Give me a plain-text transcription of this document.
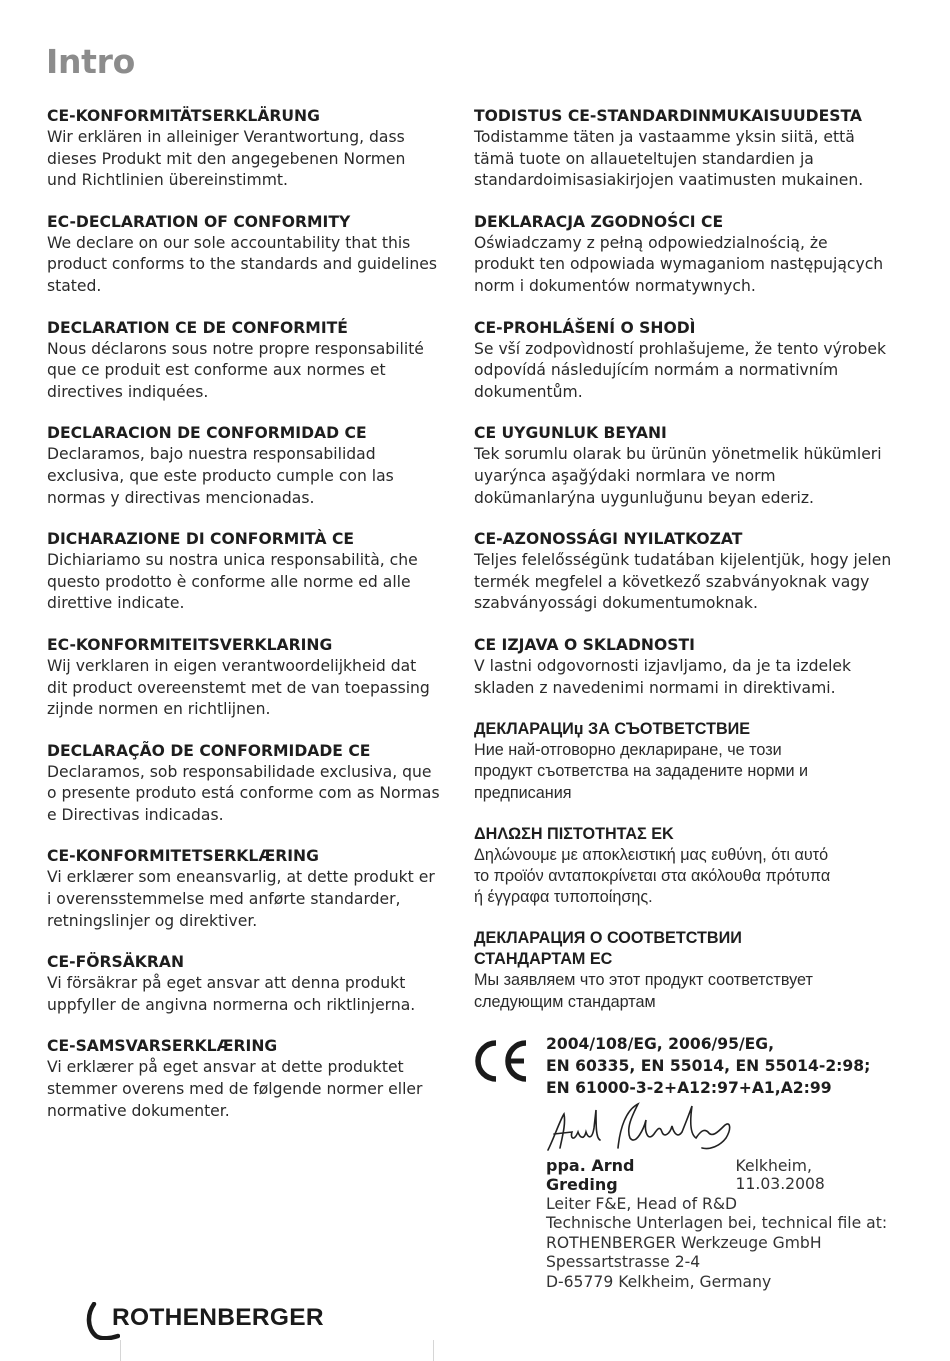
Intro
CE-KONFORMITÄTSERKLÄRUNG
Wir erklären in alleiniger Verantwortung, dass
dieses Produkt mit den angegebenen Normen
und Richtlinien übereinstimmt.
EC-DECLARATION OF CONFORMITY
We declare on our sole accountability that this
product conforms to the standards and guidelines
stated.
DECLARATION CE DE CONFORMITÉ
Nous déclarons sous notre propre responsabilité
que ce produit est conforme aux normes et
directives indiquées.
DECLARACION DE CONFORMIDAD CE
Declaramos, bajo nuestra responsabilidad
exclusiva, que este producto cumple con las
normas y directivas mencionadas.
DICHARAZIONE DI CONFORMITÀ CE
Dichiariamo su nostra unica responsabilità, che
questo prodotto è conforme alle norme ed alle
direttive indicate.
EC-KONFORMITEITSVERKLARING
Wij verklaren in eigen verantwoordelijkheid dat
dit product overeenstemt met de van toepassing
zijnde normen en richtlijnen.
DECLARAÇÃO DE CONFORMIDADE CE
Declaramos, sob responsabilidade exclusiva, que
o presente produto está conforme com as Normas
e Directivas indicadas.
CE-KONFORMITETSERKLÆRING
Vi erklærer som eneansvarlig, at dette produkt er
i overensstemmelse med anførte standarder,
retningslinjer og direktiver.
CE-FÖRSÄKRAN
Vi försäkrar på eget ansvar att denna produkt
uppfyller de angivna normerna och riktlinjerna.
CE-SAMSVARSERKLÆRING
Vi erklærer på eget ansvar at dette produktet
stemmer overens med de følgende normer eller
normative dokumenter.
TODISTUS CE-STANDARDINMUKAISUUDESTA
Todistamme täten ja vastaamme yksin siitä, että
tämä tuote on allaueteltujen standardien ja
standardoimisasiakirjojen vaatimusten mukainen.
DEKLARACJA ZGODNOŚCI CE
Oświadczamy z pełną odpowiedzialnością, że
produkt ten odpowiada wymaganiom następujących
norm i dokumentów normatywnych.
CE-PROHLÁŠENÍ O SHODÌ
Se vší zodpovìdností prohlašujeme, že tento výrobek
odpovídá následujícím normám a normativním
dokumentům.
CE UYGUNLUK BEYANI
Tek sorumlu olarak bu ürünün yönetmelik hükümleri
uyarýnca aşağýdaki normlara ve norm
dokümanlarýna uygunluğunu beyan ederiz.
CE-AZONOSSÁGI NYILATKOZAT
Teljes felelősségünk tudatában kijelentjük, hogy jelen
termék megfelel a következő szabványoknak vagy
szabványossági dokumentumoknak.
CE IZJAVA O SKLADNOSTI
V lastni odgovornosti izjavljamo, da je ta izdelek
skladen z navedenimi normami in direktivami.
ДЕКЛАРАЦИџ ЗА СЪОТВЕТСТВИЕ
Ние най-отговорно деклариране, че този
продукт съответства на зададените норми и
предписания
ΔΗΛΩΣΗ ΠΙΣΤΟΤΗΤΑΣ ΕΚ
Δηλώνουμε με αποκλειστική μας ευθύνη, ότι αυτό
το προϊόν ανταποκρίνεται στα ακόλουθα πρότυπα
ή έγγραφα τυποποίησης.
ДЕКЛАРАЦИЯ О СООТВЕТСТВИИ
СТАНДАРТАМ ЕС
Мы заявляем что этот продукт соответствует
следующим стандартам
2004/108/EG, 2006/95/EG,
EN 60335, EN 55014, EN 55014-2:98;
EN 61000-3-2+A12:97+A1,A2:99
ppa. Arnd Greding
Kelkheim, 11.03.2008
Leiter F&E, Head of R&D
Technische Unterlagen bei, technical file at:
ROTHENBERGER Werkzeuge GmbH
Spessartstrasse 2-4
D-65779 Kelkheim, Germany
ROTHENBERGER
